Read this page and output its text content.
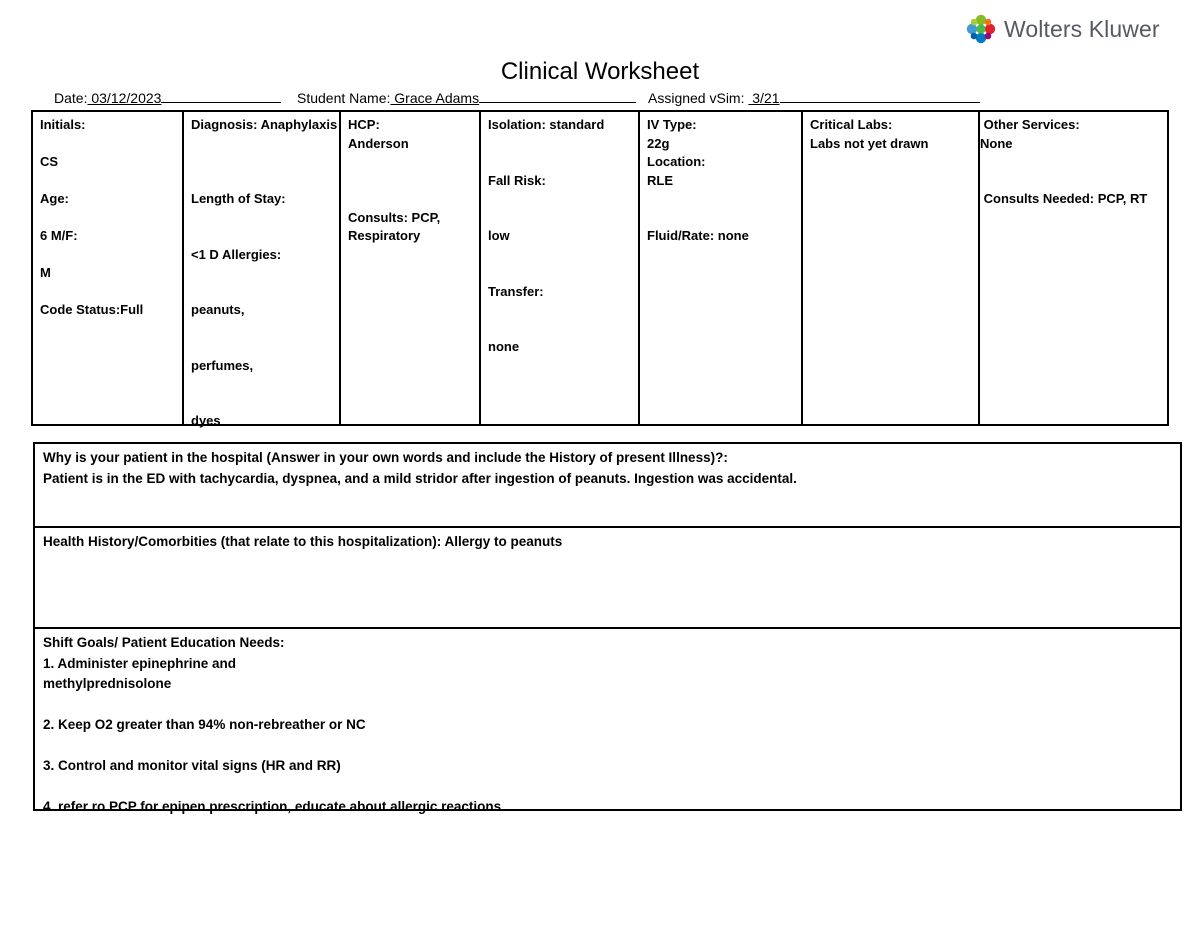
Wolters Kluwer
Clinical Worksheet
Date: 03/12/2023	Student Name: Grace Adams	Assigned vSim:  3/21
Initials:

CS

Age:

6 M/F:

M

Code Status:Full
Diagnosis: Anaphylaxis

Length of Stay:

<1 D Allergies:

peanuts,

perfumes,

dyes
HCP:
Anderson

Consults: PCP,
Respiratory
Isolation: standard

Fall Risk:

low

Transfer:

none
IV Type:
22g
Location:
RLE

Fluid/Rate: none
Critical Labs:
Labs not yet drawn
Other Services:
None

Consults Needed: PCP, RT
Why is your patient in the hospital (Answer in your own words and include the History of present Illness)?:
Patient is in the ED with tachycardia, dyspnea, and a mild stridor after ingestion of peanuts. Ingestion was accidental.
Health History/Comorbities (that relate to this hospitalization): Allergy to peanuts
Shift Goals/ Patient Education Needs:
1. Administer epinephrine and
methylprednisolone

2. Keep O2 greater than 94% non-rebreather or NC

3. Control and monitor vital signs (HR and RR)

4. refer ro PCP for epipen prescription, educate about allergic reactions
